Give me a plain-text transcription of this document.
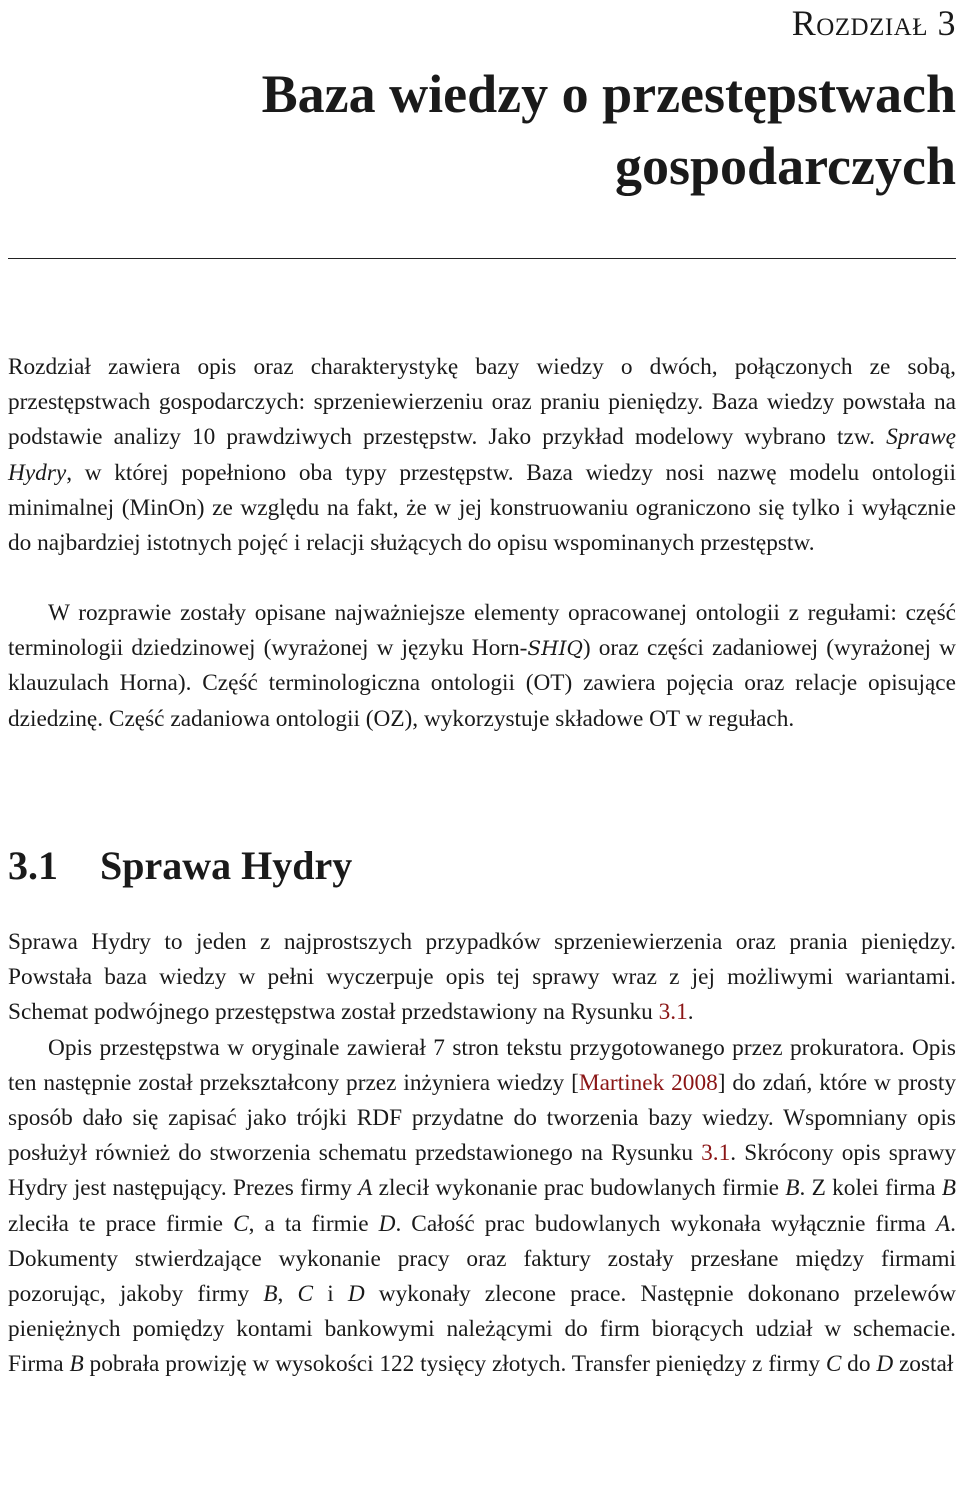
Rozdział 3
Baza wiedzy o przestępstwach
gospodarczych

Rozdział zawiera opis oraz charakterystykę bazy wiedzy o dwóch, połączonych ze sobą, przestępstwach gospodarczych: sprzeniewierzeniu oraz praniu pieniędzy. Baza wiedzy powstała na podstawie analizy 10 prawdziwych przestępstw. Jako przykład modelowy wybrano tzw. Sprawę Hydry, w której popełniono oba typy przestępstw. Baza wiedzy nosi nazwę modelu ontologii minimalnej (MinOn) ze względu na fakt, że w jej konstruowaniu ograniczono się tylko i wyłącznie do najbardziej istotnych pojęć i relacji służących do opisu wspominanych przestępstw.

W rozprawie zostały opisane najważniejsze elementy opracowanej ontologii z regułami: część terminologii dziedzinowej (wyrażonej w języku Horn-SHIQ) oraz części zadaniowej (wyrażonej w klauzulach Horna). Część terminologiczna ontologii (OT) zawiera pojęcia oraz relacje opisujące dziedzinę. Część zadaniowa ontologii (OZ), wykorzystuje składowe OT w regułach.

3.1 Sprawa Hydry

Sprawa Hydry to jeden z najprostszych przypadków sprzeniewierzenia oraz prania pieniędzy. Powstała baza wiedzy w pełni wyczerpuje opis tej sprawy wraz z jej możliwymi wariantami. Schemat podwójnego przestępstwa został przedstawiony na Rysunku 3.1.

Opis przestępstwa w oryginale zawierał 7 stron tekstu przygotowanego przez prokuratora. Opis ten następnie został przekształcony przez inżyniera wiedzy [Martinek 2008] do zdań, które w prosty sposób dało się zapisać jako trójki RDF przydatne do tworzenia bazy wiedzy. Wspomniany opis posłużył również do stworzenia schematu przedstawionego na Rysunku 3.1. Skrócony opis sprawy Hydry jest następujący. Prezes firmy A zlecił wykonanie prac budowlanych firmie B. Z kolei firma B zleciła te prace firmie C, a ta firmie D. Całość prac budowlanych wykonała wyłącznie firma A. Dokumenty stwierdzające wykonanie pracy oraz faktury zostały przesłane między firmami pozorując, jakoby firmy B, C i D wykonały zlecone prace. Następnie dokonano przelewów pieniężnych pomiędzy kontami bankowymi należącymi do firm biorących udział w schemacie. Firma B pobrała prowizję w wysokości 122 tysięcy złotych. Transfer pieniędzy z firmy C do D został
